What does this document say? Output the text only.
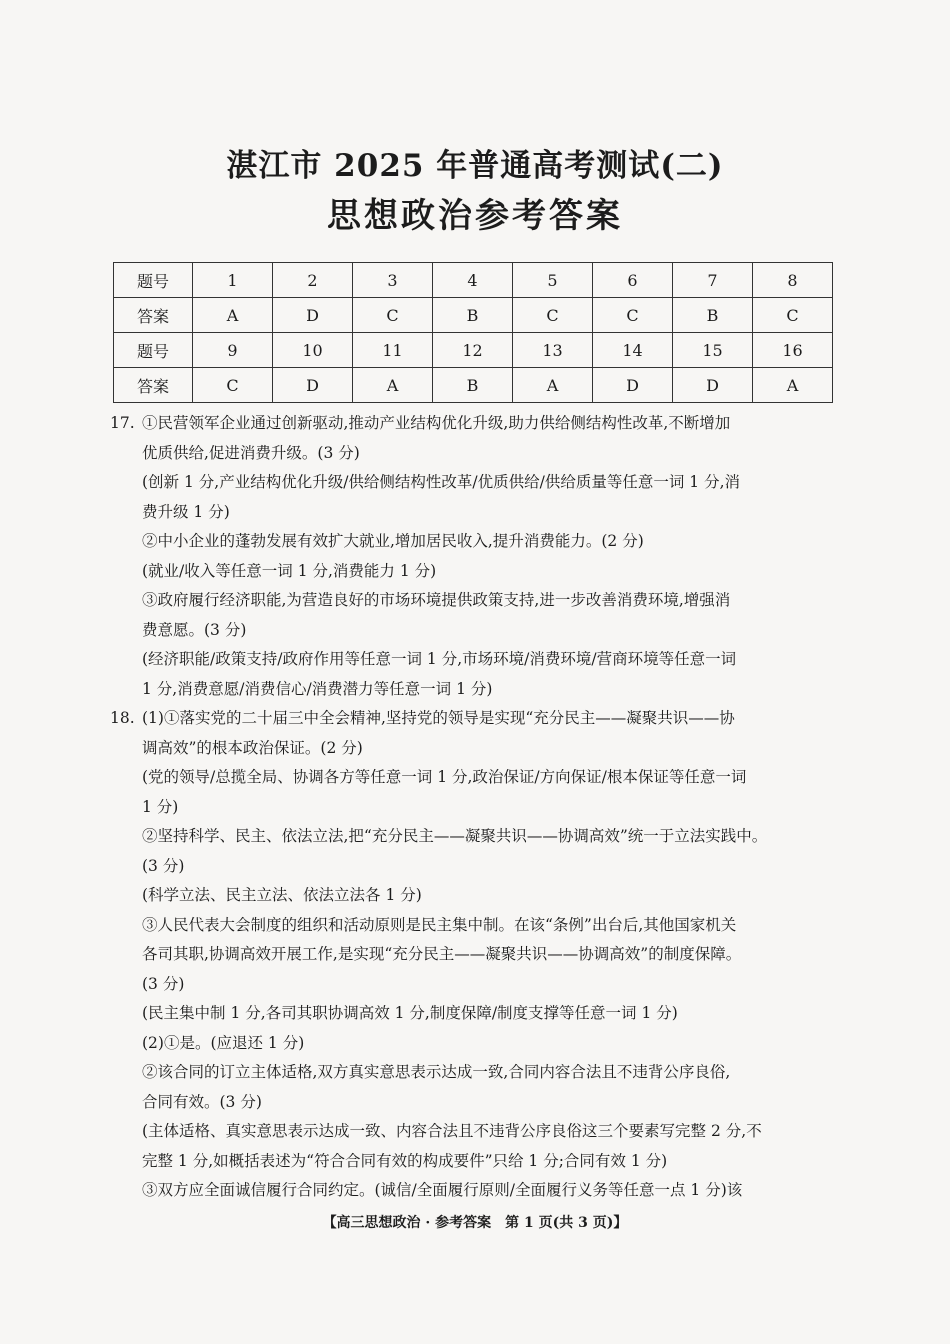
湛江市 2025 年普通高考测试(二)
思想政治参考答案
题号	1	2	3	4	5	6	7	8
答案	A	D	C	B	C	C	B	C
题号	9	10	11	12	13	14	15	16
答案	C	D	A	B	A	D	D	A

17. ①民营领军企业通过创新驱动,推动产业结构优化升级,助力供给侧结构性改革,不断增加

优质供给,促进消费升级。(3 分)

(创新 1 分,产业结构优化升级/供给侧结构性改革/优质供给/供给质量等任意一词 1 分,消

费升级 1 分)

②中小企业的蓬勃发展有效扩大就业,增加居民收入,提升消费能力。(2 分)

(就业/收入等任意一词 1 分,消费能力 1 分)

③政府履行经济职能,为营造良好的市场环境提供政策支持,进一步改善消费环境,增强消

费意愿。(3 分)

(经济职能/政策支持/政府作用等任意一词 1 分,市场环境/消费环境/营商环境等任意一词

1 分,消费意愿/消费信心/消费潜力等任意一词 1 分)

18. (1)①落实党的二十届三中全会精神,坚持党的领导是实现“充分民主——凝聚共识——协

调高效”的根本政治保证。(2 分)

(党的领导/总揽全局、协调各方等任意一词 1 分,政治保证/方向保证/根本保证等任意一词

1 分)

②坚持科学、民主、依法立法,把“充分民主——凝聚共识——协调高效”统一于立法实践中。

(3 分)

(科学立法、民主立法、依法立法各 1 分)

③人民代表大会制度的组织和活动原则是民主集中制。在该“条例”出台后,其他国家机关

各司其职,协调高效开展工作,是实现“充分民主——凝聚共识——协调高效”的制度保障。

(3 分)

(民主集中制 1 分,各司其职协调高效 1 分,制度保障/制度支撑等任意一词 1 分)

(2)①是。(应退还 1 分)

②该合同的订立主体适格,双方真实意思表示达成一致,合同内容合法且不违背公序良俗,

合同有效。(3 分)

(主体适格、真实意思表示达成一致、内容合法且不违背公序良俗这三个要素写完整 2 分,不

完整 1 分,如概括表述为“符合合同有效的构成要件”只给 1 分;合同有效 1 分)

③双方应全面诚信履行合同约定。(诚信/全面履行原则/全面履行义务等任意一点 1 分)该

【高三思想政治 · 参考答案　第 1 页(共 3 页)】
